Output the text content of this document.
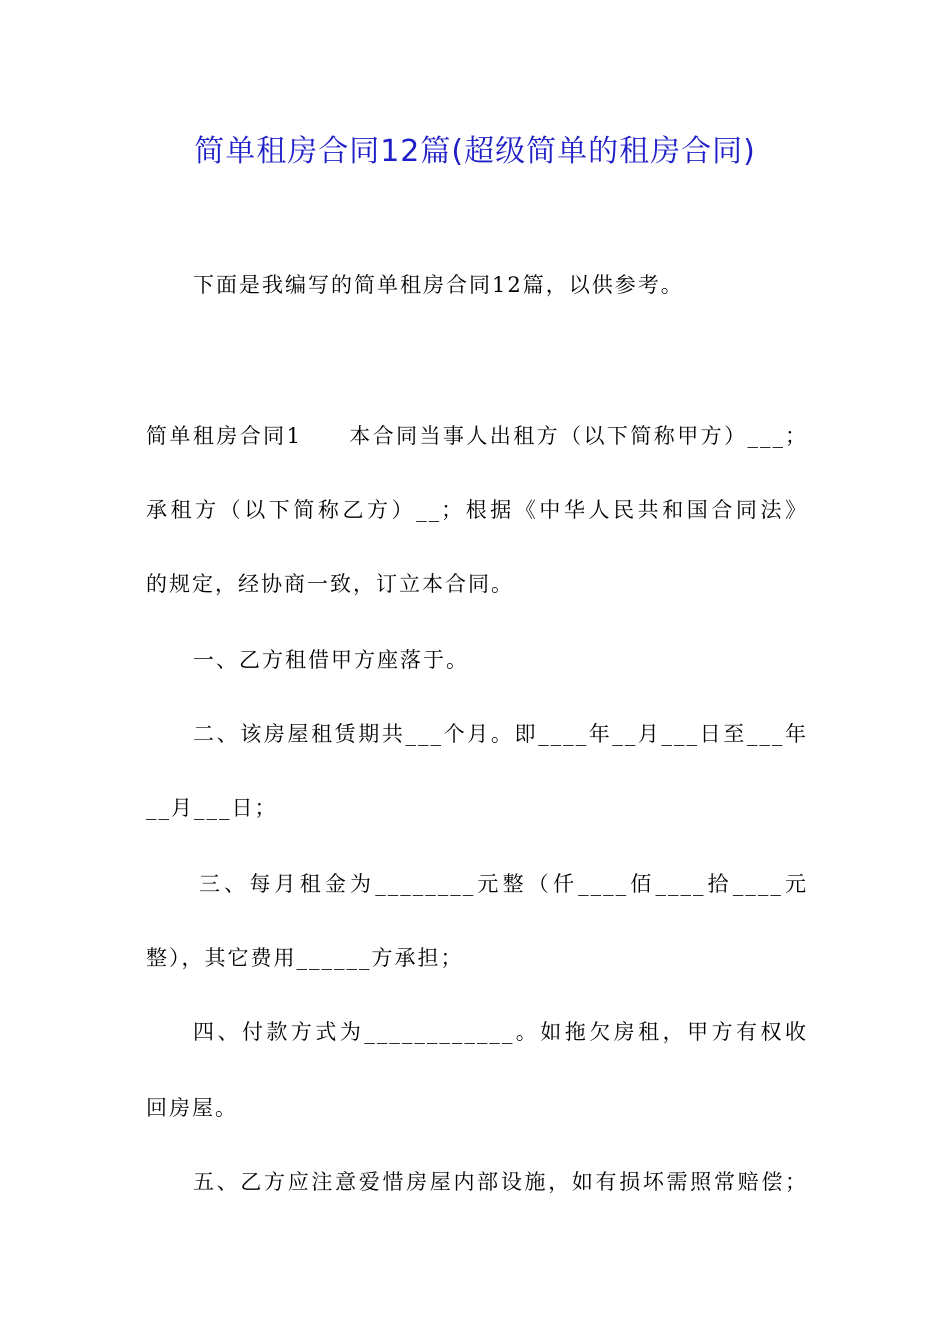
简单租房合同12篇(超级简单的租房合同)
下面是我编写的简单租房合同12篇，以供参考。
简单租房合同1　　本合同当事人出租方（以下简称甲方）___；
承租方（以下简称乙方）__；根据《中华人民共和国合同法》
的规定，经协商一致，订立本合同。
一、乙方租借甲方座落于。
二、该房屋租赁期共___个月。即____年__月___日至___年
__月___日；
三、每月租金为________元整（仟____佰____拾____元
整），其它费用______方承担；
四、付款方式为____________。如拖欠房租，甲方有权收
回房屋。
五、乙方应注意爱惜房屋内部设施，如有损坏需照常赔偿；
